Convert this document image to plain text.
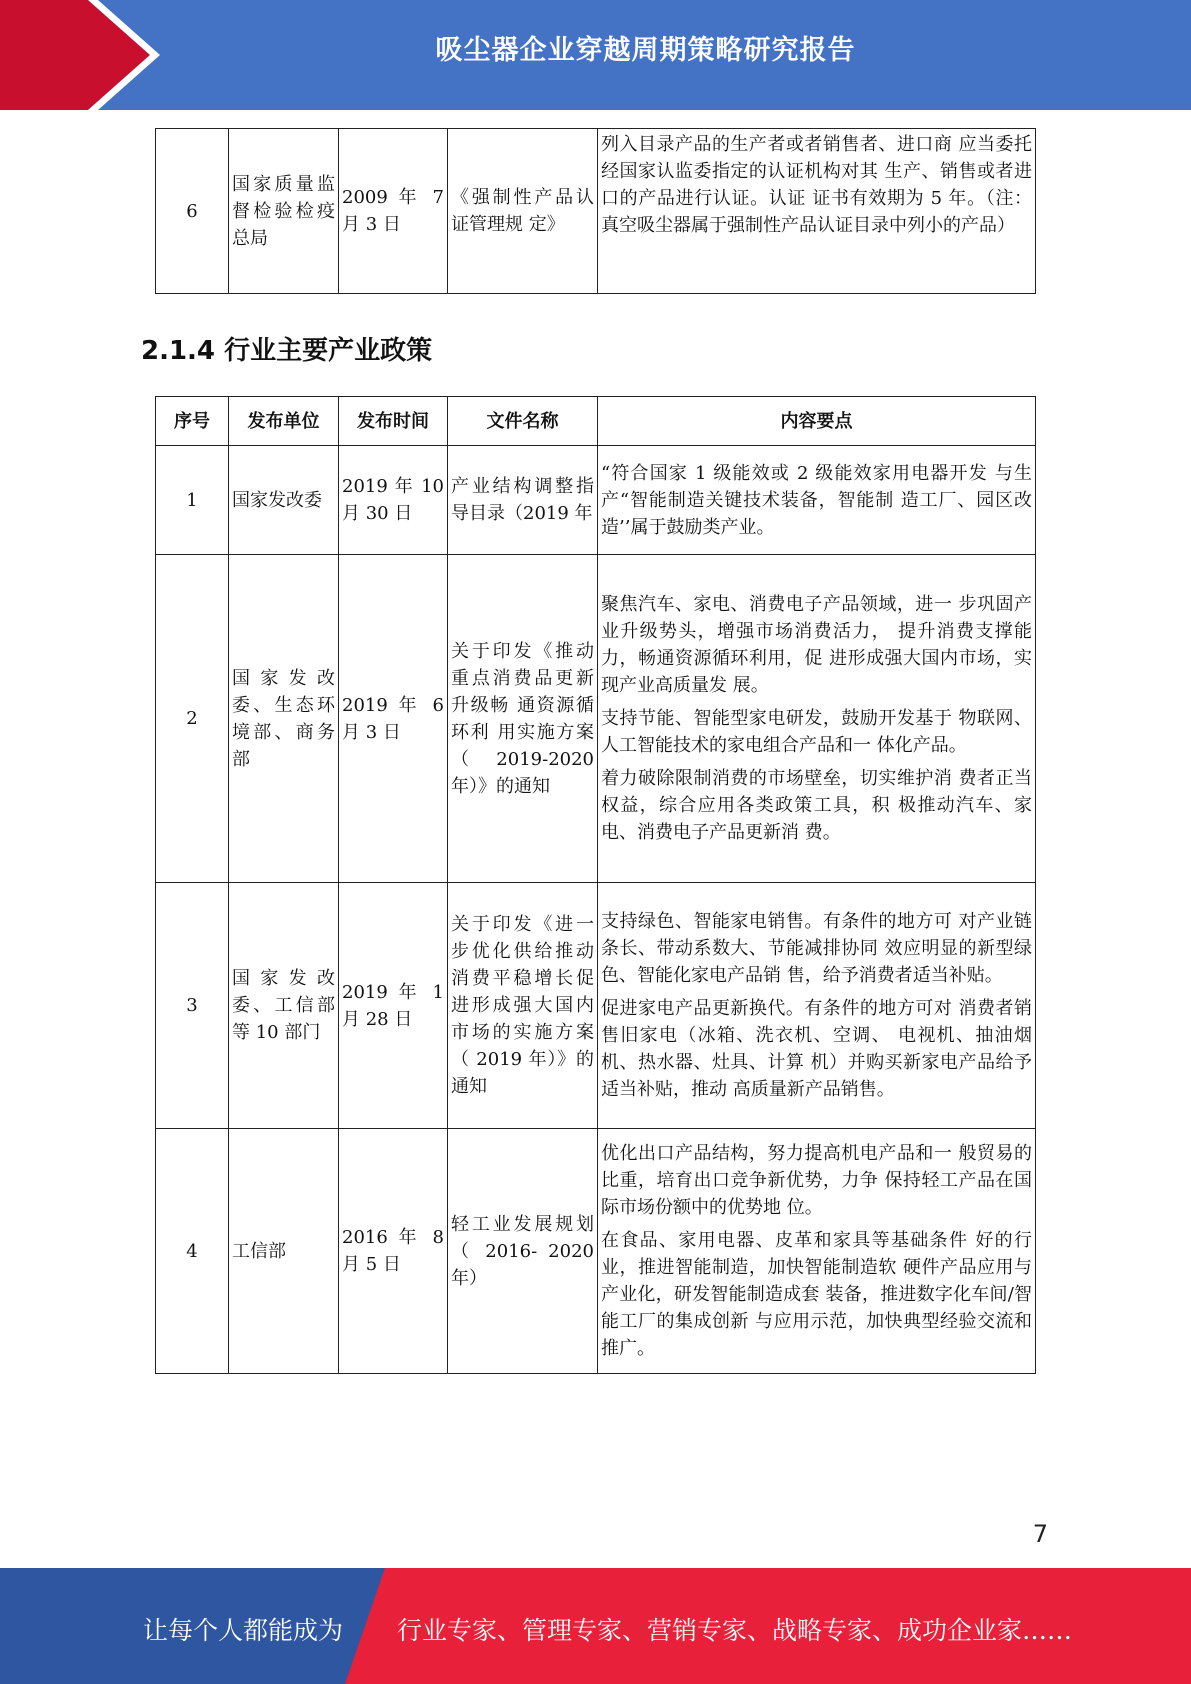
吸尘器企业穿越周期策略研究报告
6	国家质量监督检验检疫总局	2009 年 7 月 3 日	《强制性产品认证管理规 定》	列入目录产品的生产者或者销售者、进口商 应当委托经国家认监委指定的认证机构对其 生产、销售或者进口的产品进行认证。认证 证书有效期为 5 年。（注：真空吸尘器属于强制性产品认证目录中列小的产品）
2.1.4 行业主要产业政策
序号	发布单位	发布时间	文件名称	内容要点
1	国家发改委	2019 年 10 月 30 日	产业结构调整指导目录（2019 年	“符合国家 1 级能效或 2 级能效家用电器开发 与生产“智能制造关键技术装备，智能制 造工厂、园区改造’’属于鼓励类产业。

2	国家发改委、生态环境部、商务部	2019 年 6 月 3 日	关于印发《推动重点消费品更新升级畅 通资源循环利 用实施方案（ 2019-2020 年）》的通知	聚焦汽车、家电、消费电子产品领域，进一 步巩固产业升级势头，增强市场消费活力， 提升消费支撑能力，畅通资源循环利用，促 进形成强大国内市场，实现产业高质量发 展。
支持节能、智能型家电研发，鼓励开发基于 物联网、人工智能技术的家电组合产品和一 体化产品。
着力破除限制消费的市场壁垒，切实维护消 费者正当权益，综合应用各类政策工具，积 极推动汽车、家电、消费电子产品更新消 费。

3	国家发改委、工信部等 10 部门	2019 年 1 月 28 日	关于印发《进一步优化供给推动消费平稳增长促进形成强大国内市场的实施方案（ 2019 年）》的通知	支持绿色、智能家电销售。有条件的地方可 对产业链条长、带动系数大、节能减排协同 效应明显的新型绿色、智能化家电产品销 售，给予消费者适当补贴。
促进家电产品更新换代。有条件的地方可对 消费者销售旧家电（冰箱、洗衣机、空调、 电视机、抽油烟机、热水器、灶具、计算 机）并购买新家电产品给予适当补贴，推动 高质量新产品销售。

4	工信部	2016 年 8 月 5 日	轻工业发展规划（ 2016- 2020 年）	优化出口产品结构，努力提高机电产品和一 般贸易的比重，培育出口竞争新优势，力争 保持轻工产品在国际市场份额中的优势地 位。
在食品、家用电器、皮革和家具等基础条件 好的行业，推进智能制造，加快智能制造软 硬件产品应用与产业化，研发智能制造成套 装备，推进数字化车间/智能工厂的集成创新 与应用示范，加快典型经验交流和推广。
7
让每个人都能成为 行业专家、管理专家、营销专家、战略专家、成功企业家……
